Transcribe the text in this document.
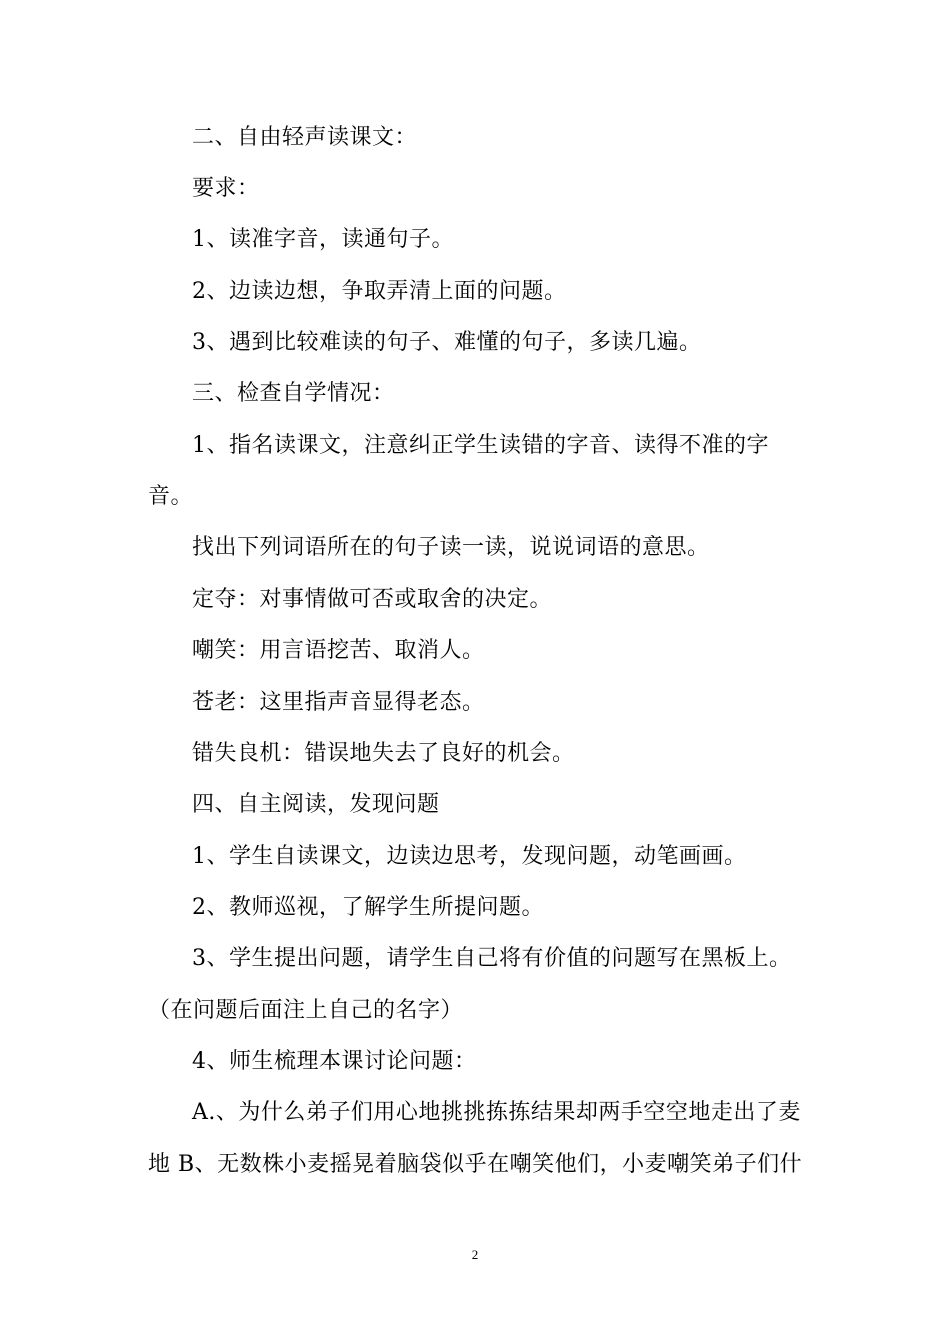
二、自由轻声读课文：
要求：
1、读准字音，读通句子。
2、边读边想，争取弄清上面的问题。
3、遇到比较难读的句子、难懂的句子，多读几遍。
三、检查自学情况：
1、指名读课文，注意纠正学生读错的字音、读得不准的字
音。
找出下列词语所在的句子读一读，说说词语的意思。
定夺：对事情做可否或取舍的决定。
嘲笑：用言语挖苦、取消人。
苍老：这里指声音显得老态。
错失良机：错误地失去了良好的机会。
四、自主阅读，发现问题
1、学生自读课文，边读边思考，发现问题，动笔画画。
2、教师巡视，了解学生所提问题。
3、学生提出问题，请学生自己将有价值的问题写在黑板上。
（在问题后面注上自己的名字）
4、师生梳理本课讨论问题：
A.、为什么弟子们用心地挑挑拣拣结果却两手空空地走出了麦
地 B、无数株小麦摇晃着脑袋似乎在嘲笑他们，小麦嘲笑弟子们什
2
